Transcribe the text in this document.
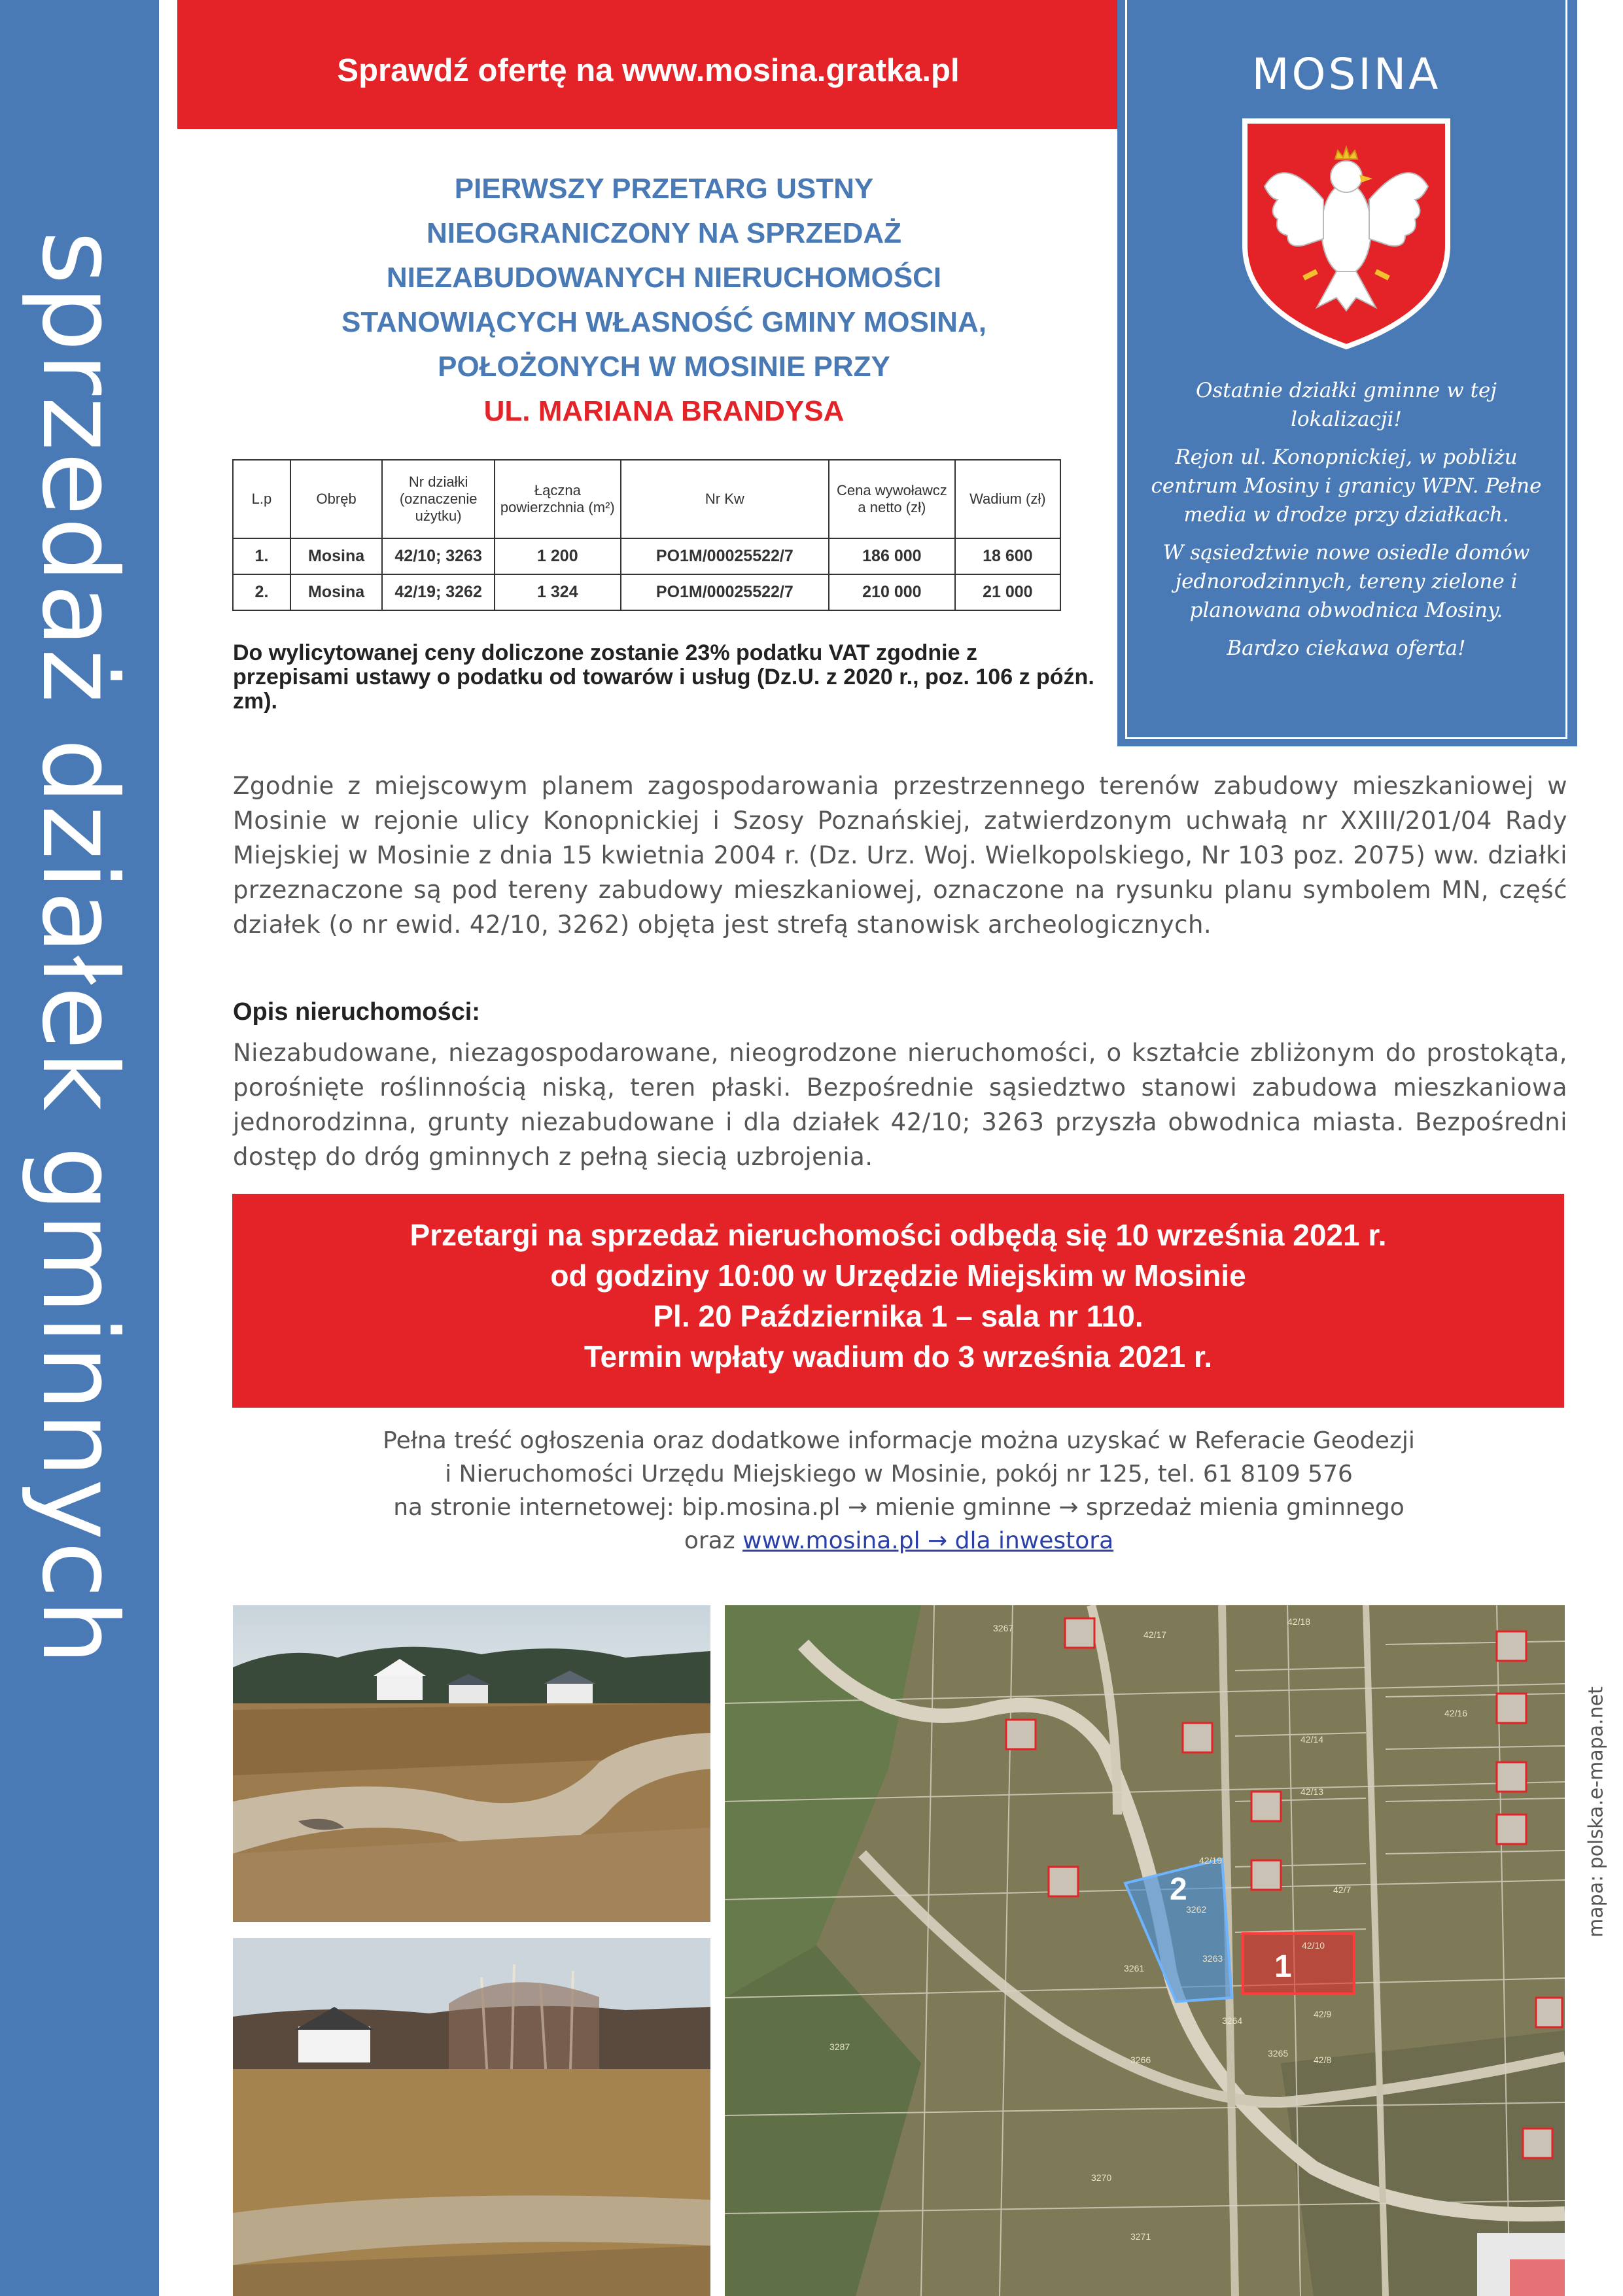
sprzedaż działek gminnych
Sprawdź ofertę na www.mosina.gratka.pl	MOSINA

Ostatnie działki gminne w tej lokalizacji!

Rejon ul. Konopnickiej, w pobliżu centrum Mosiny i granicy WPN. Pełne media w drodze przy działkach.

W sąsiedztwie nowe osiedle domów jednorodzinnych, tereny zielone i planowana obwodnica Mosiny.

Bardzo ciekawa oferta!

PIERWSZY PRZETARG USTNY
NIEOGRANICZONY NA SPRZEDAŻ
NIEZABUDOWANYCH NIERUCHOMOŚCI
STANOWIĄCYCH WŁASNOŚĆ GMINY MOSINA,
POŁOŻONYCH W MOSINIE PRZY
UL. MARIANA BRANDYSA
L.p	Obręb	Nr działki (oznaczenie użytku)	Łączna powierzchnia (m²)	Nr Kw	Cena wywoławcz a netto (zł)	Wadium (zł)
1.	Mosina	42/10; 3263	1 200	PO1M/00025522/7	186 000	18 600
2.	Mosina	42/19; 3262	1 324	PO1M/00025522/7	210 000	21 000
Do wylicytowanej ceny doliczone zostanie 23% podatku VAT zgodnie z przepisami ustawy o podatku od towarów i usług (Dz.U. z 2020 r., poz. 106 z późn. zm).
Zgodnie z miejscowym planem zagospodarowania przestrzennego terenów zabudowy mieszkaniowej w Mosinie w rejonie ulicy Konopnickiej i Szosy Poznańskiej, zatwierdzonym uchwałą nr XXIII/201/04 Rady Miejskiej w Mosinie z dnia 15 kwietnia 2004 r. (Dz. Urz. Woj. Wielkopolskiego, Nr 103 poz. 2075) ww. działki przeznaczone są pod tereny zabudowy mieszkaniowej, oznaczone na rysunku planu symbolem MN, część działek (o nr ewid. 42/10, 3262) objęta jest strefą stanowisk archeologicznych.
Opis nieruchomości:
Niezabudowane, niezagospodarowane, nieogrodzone nieruchomości, o kształcie zbliżonym do prostokąta, porośnięte roślinnością niską, teren płaski. Bezpośrednie sąsiedztwo stanowi zabudowa mieszkaniowa jednorodzinna, grunty niezabudowane i dla działek 42/10; 3263 przyszła obwodnica miasta. Bezpośredni dostęp do dróg gminnych z pełną siecią uzbrojenia.
Przetargi na sprzedaż nieruchomości odbędą się 10 września 2021 r.
od godziny 10:00 w Urzędzie Miejskim w Mosinie
Pl. 20 Października 1 – sala nr 110.
Termin wpłaty wadium do 3 września 2021 r.
Pełna treść ogłoszenia oraz dodatkowe informacje można uzyskać w Referacie Geodezji
i Nieruchomości Urzędu Miejskiego w Mosinie, pokój nr 125, tel. 61 8109 576
na stronie internetowej: bip.mosina.pl → mienie gminne → sprzedaż mienia gminnego
oraz www.mosina.pl → dla inwestora
2
1
3262
3263
3261
3264
3265
3267
3266
42/19
42/10
42/9
42/7
42/8
42/14
42/13
42/16
42/17
42/18
3287
3271
3270
mapa: polska.e-mapa.net
